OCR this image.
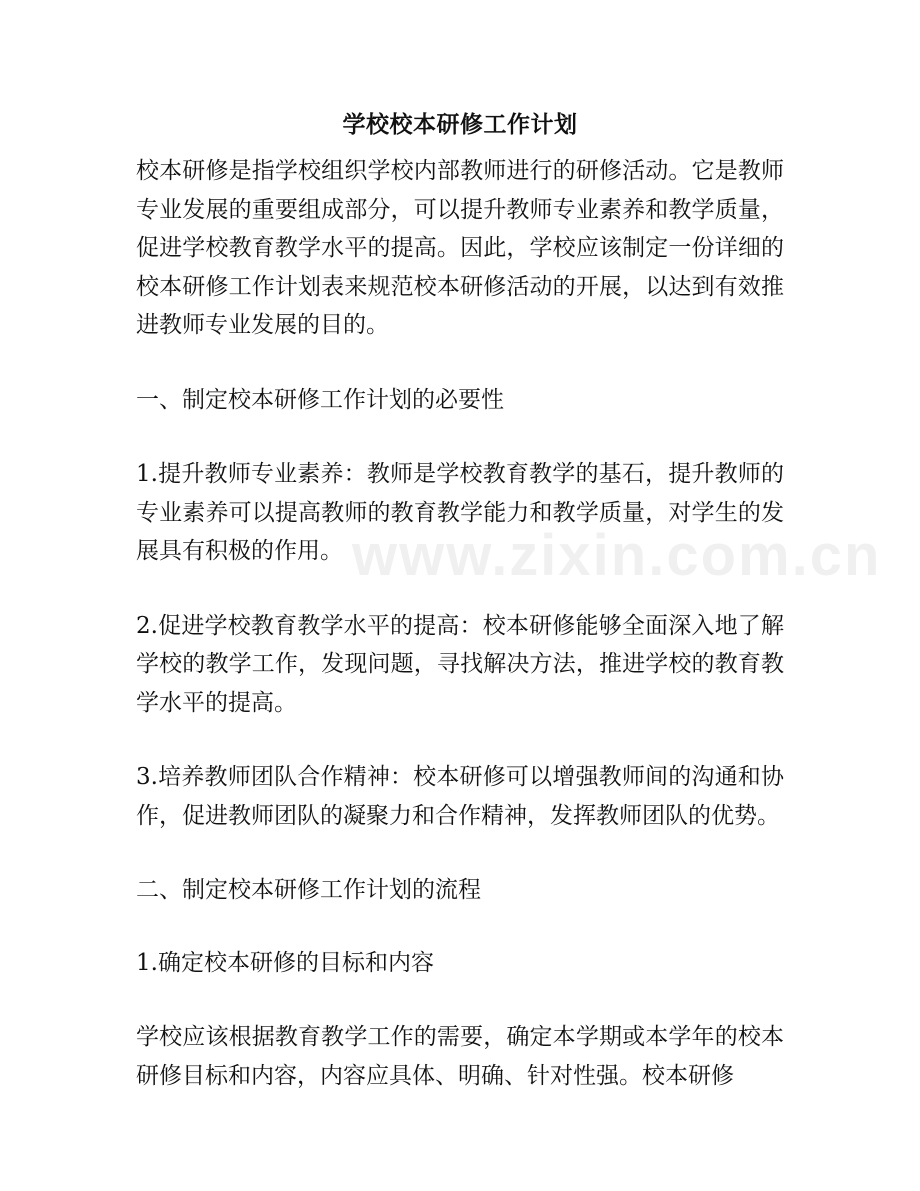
www.zixin.com.cn
学校校本研修工作计划

校本研修是指学校组织学校内部教师进行的研修活动。它是教师专业发展的重要组成部分，可以提升教师专业素养和教学质量，促进学校教育教学水平的提高。因此，学校应该制定一份详细的校本研修工作计划表来规范校本研修活动的开展，以达到有效推进教师专业发展的目的。

一、制定校本研修工作计划的必要性

1.提升教师专业素养：教师是学校教育教学的基石，提升教师的专业素养可以提高教师的教育教学能力和教学质量，对学生的发展具有积极的作用。

2.促进学校教育教学水平的提高：校本研修能够全面深入地了解学校的教学工作，发现问题，寻找解决方法，推进学校的教育教学水平的提高。

3.培养教师团队合作精神：校本研修可以增强教师间的沟通和协作，促进教师团队的凝聚力和合作精神，发挥教师团队的优势。

二、制定校本研修工作计划的流程

1.确定校本研修的目标和内容

学校应该根据教育教学工作的需要，确定本学期或本学年的校本研修目标和内容，内容应具体、明确、针对性强。校本研修
